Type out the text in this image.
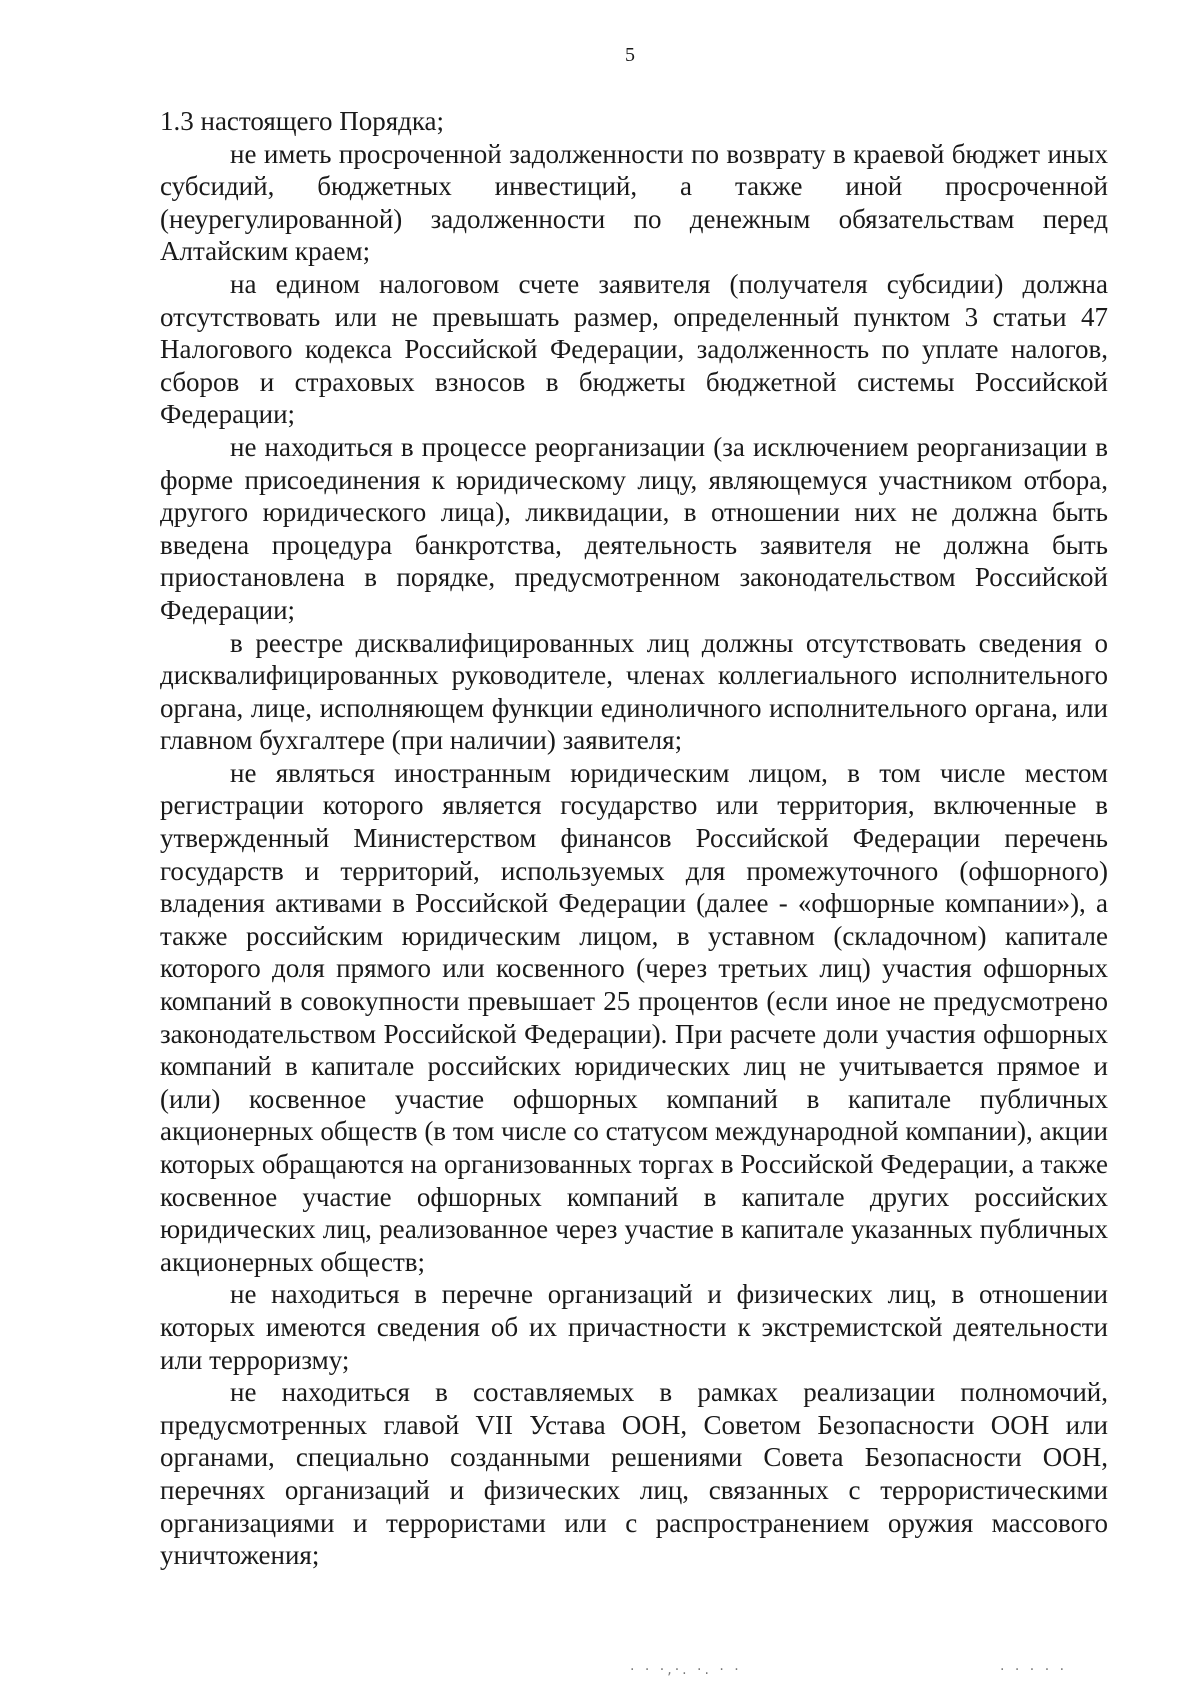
5

1.3 настоящего Порядка;

не иметь просроченной задолженности по возврату в краевой бюджет иных субсидий, бюджетных инвестиций, а также иной просроченной (неурегулированной) задолженности по денежным обязательствам перед Алтайским краем;

на едином налоговом счете заявителя (получателя субсидии) должна отсутствовать или не превышать размер, определенный пунктом 3 статьи 47 Налогового кодекса Российской Федерации, задолженность по уплате налогов, сборов и страховых взносов в бюджеты бюджетной системы Российской Федерации;

не находиться в процессе реорганизации (за исключением реорганизации в форме присоединения к юридическому лицу, являющемуся участником отбора, другого юридического лица), ликвидации, в отношении них не должна быть введена процедура банкротства, деятельность заявителя не должна быть приостановлена в порядке, предусмотренном законодательством Российской Федерации;

в реестре дисквалифицированных лиц должны отсутствовать сведения о дисквалифицированных руководителе, членах коллегиального исполнительного органа, лице, исполняющем функции единоличного исполнительного органа, или главном бухгалтере (при наличии) заявителя;

не являться иностранным юридическим лицом, в том числе местом регистрации которого является государство или территория, включенные в утвержденный Министерством финансов Российской Федерации перечень государств и территорий, используемых для промежуточного (офшорного) владения активами в Российской Федерации (далее - «офшорные компании»), а также российским юридическим лицом, в уставном (складочном) капитале которого доля прямого или косвенного (через третьих лиц) участия офшорных компаний в совокупности превышает 25 процентов (если иное не предусмотрено законодательством Российской Федерации). При расчете доли участия офшорных компаний в капитале российских юридических лиц не учитывается прямое и (или) косвенное участие офшорных компаний в капитале публичных акционерных обществ (в том числе со статусом международной компании), акции которых обращаются на организованных торгах в Российской Федерации, а также косвенное участие офшорных компаний в капитале других российских юридических лиц, реализованное через участие в капитале указанных публичных акционерных обществ;

не находиться в перечне организаций и физических лиц, в отношении которых имеются сведения об их причастности к экстремистской деятельности или терроризму;

не находиться в составляемых в рамках реализации полномочий, предусмотренных главой VII Устава ООН, Советом Безопасности ООН или органами, специально созданными решениями Совета Безопасности ООН, перечнях организаций и физических лиц, связанных с террористическими организациями и террористами или с распространением оружия массового уничтожения;

· · ·,·. ·. · ·	· · · · ·
